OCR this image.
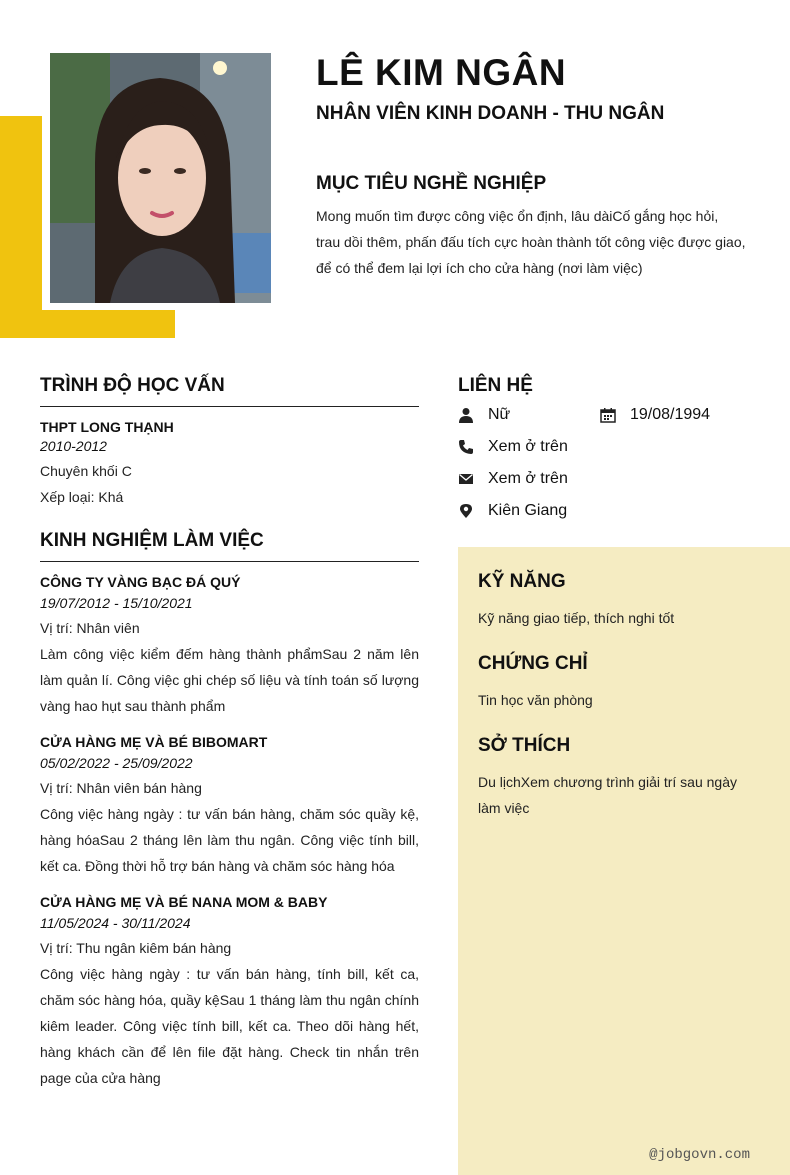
LÊ KIM NGÂN
NHÂN VIÊN KINH DOANH - THU NGÂN
MỤC TIÊU NGHỀ NGHIỆP

Mong muốn tìm được công việc ổn định, lâu dàiCố gắng học hỏi, trau dồi thêm, phấn đấu tích cực hoàn thành tốt công việc được giao, để có thể đem lại lợi ích cho cửa hàng (nơi làm việc)

TRÌNH ĐỘ HỌC VẤN

THPT LONG THẠNH

2010-2012

Chuyên khối C

Xếp loại: Khá

KINH NGHIỆM LÀM VIỆC

CÔNG TY VÀNG BẠC ĐÁ QUÝ

19/07/2012 - 15/10/2021

Vị trí: Nhân viên

Làm công việc kiểm đếm hàng thành phẩmSau 2 năm lên làm quản lí. Công việc ghi chép số liệu và tính toán số lượng vàng hao hụt sau thành phẩm

CỬA HÀNG MẸ VÀ BÉ BIBOMART

05/02/2022 - 25/09/2022

Vị trí: Nhân viên bán hàng

Công việc hàng ngày : tư vấn bán hàng, chăm sóc quầy kệ, hàng hóaSau 2 tháng lên làm thu ngân. Công việc tính bill, kết ca. Đồng thời hỗ trợ bán hàng và chăm sóc hàng hóa

CỬA HÀNG MẸ VÀ BÉ NANA MOM & BABY

11/05/2024 - 30/11/2024

Vị trí: Thu ngân kiêm bán hàng

Công việc hàng ngày : tư vấn bán hàng, tính bill, kết ca, chăm sóc hàng hóa, quầy kệSau 1 tháng làm thu ngân chính kiêm leader. Công việc tính bill, kết ca. Theo dõi hàng hết, hàng khách cần để lên file đặt hàng. Check tin nhắn trên page của cửa hàng

LIÊN HỆ
Nữ	19/08/1994
Xem ở trên
Xem ở trên
Kiên Giang
KỸ NĂNG

Kỹ năng giao tiếp, thích nghi tốt

CHỨNG CHỈ

Tin học văn phòng

SỞ THÍCH

Du lịchXem chương trình giải trí sau ngày làm việc

@jobgovn.com
